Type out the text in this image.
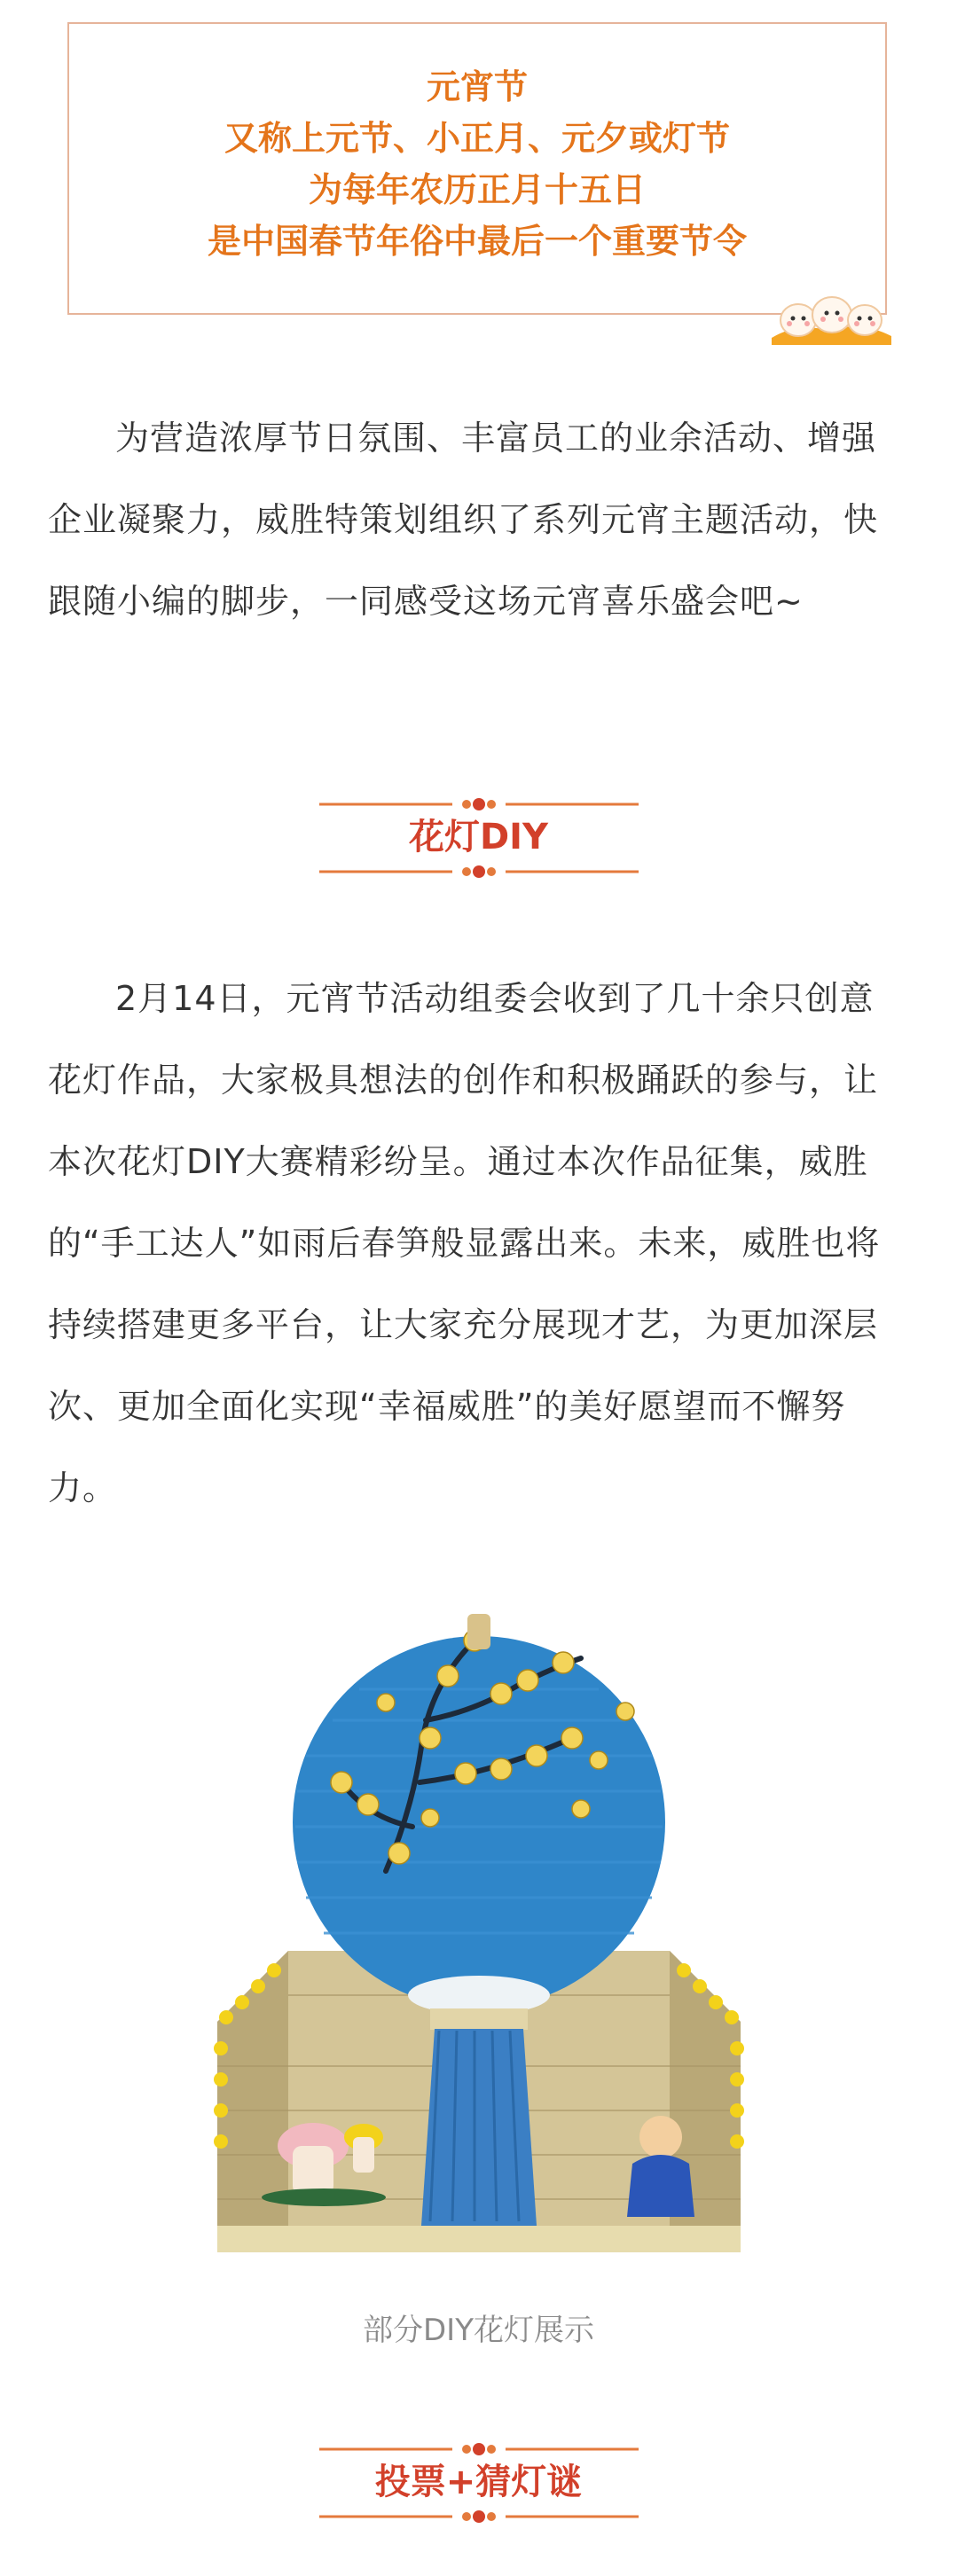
元宵节
又称上元节、小正月、元夕或灯节
为每年农历正月十五日
是中国春节年俗中最后一个重要节令

为营造浓厚节日氛围、丰富员工的业余活动、增强企业凝聚力，威胜特策划组织了系列元宵主题活动，快跟随小编的脚步，一同感受这场元宵喜乐盛会吧~

花灯DIY

2月14日，元宵节活动组委会收到了几十余只创意花灯作品，大家极具想法的创作和积极踊跃的参与，让本次花灯DIY大赛精彩纷呈。通过本次作品征集，威胜的“手工达人”如雨后春笋般显露出来。未来，威胜也将持续搭建更多平台，让大家充分展现才艺，为更加深层次、更加全面化实现“幸福威胜”的美好愿望而不懈努力。

部分DIY花灯展示
投票+猜灯谜
